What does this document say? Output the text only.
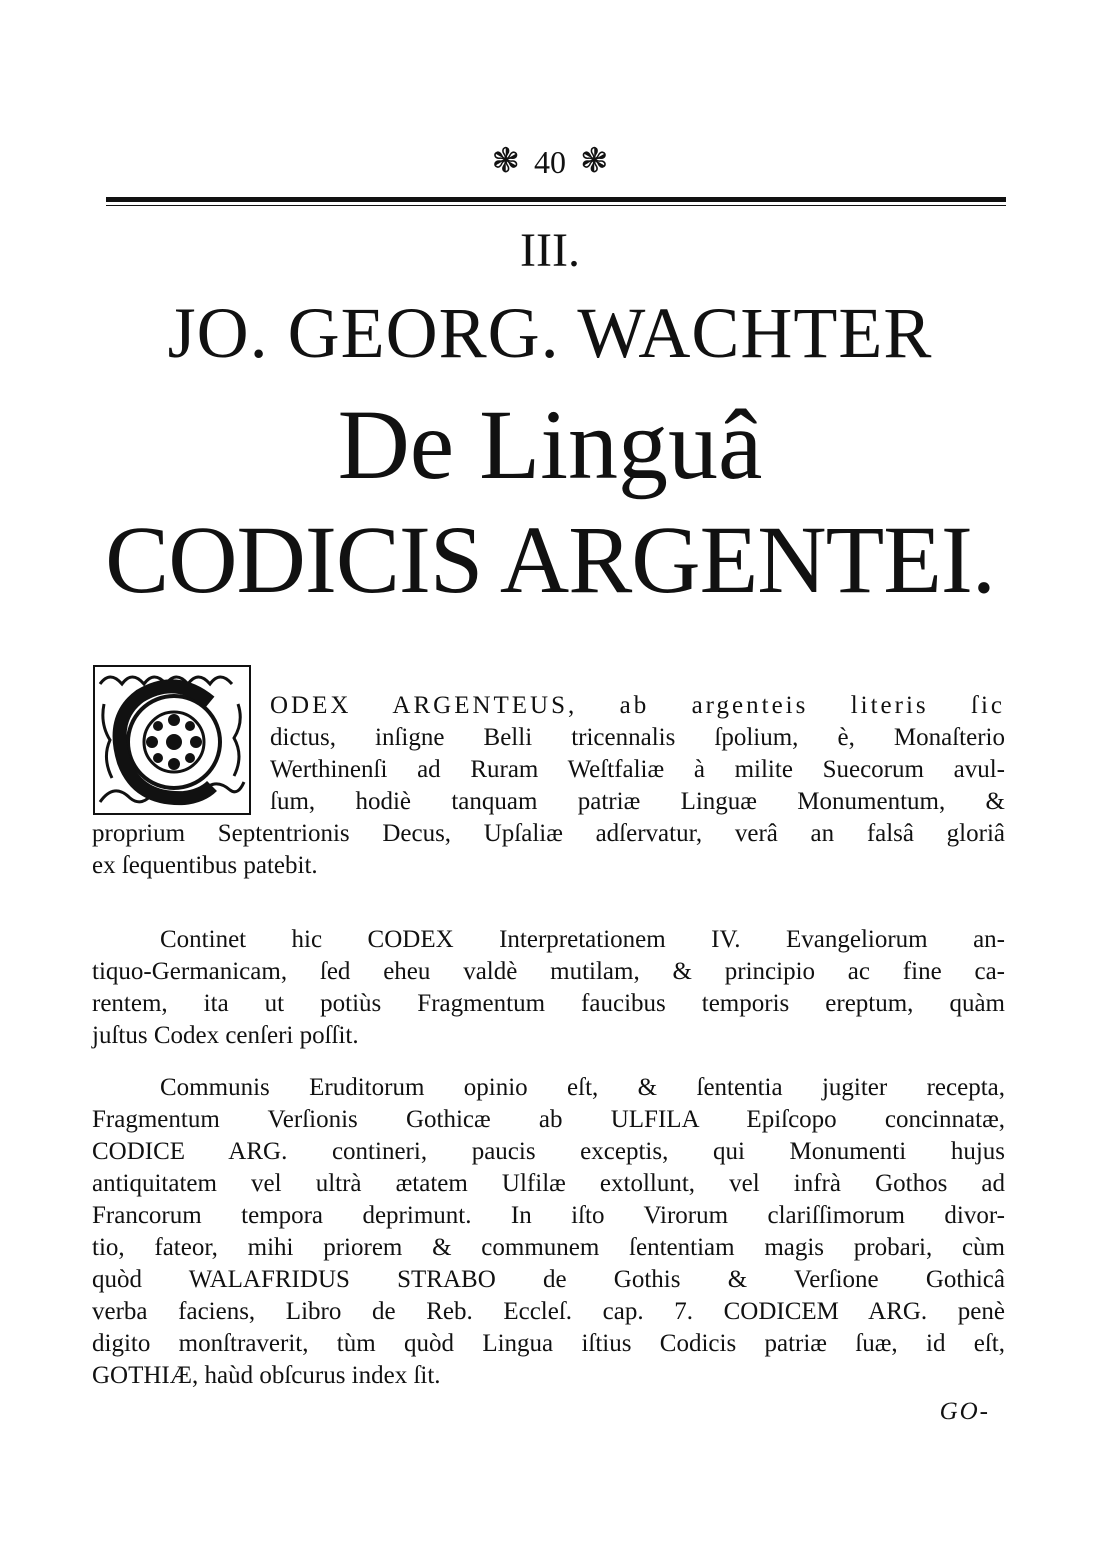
❃ 40 ❃
III.
JO. GEORG. WACHTER
De Linguâ
CODICIS ARGENTEI.
ODEX ARGENTEUS, ab argenteis literis ſic
dictus, inſigne Belli tricennalis ſpolium, è, Monaſterio
Werthinenſi ad Ruram Weſtfaliæ à milite Suecorum avul-
ſum, hodiè tanquam patriæ Linguæ Monumentum, &
proprium Septentrionis Decus, Upſaliæ adſervatur, verâ an falsâ gloriâ
ex ſequentibus patebit.
Continet hic CODEX Interpretationem IV. Evangeliorum an-
tiquo-Germanicam, ſed eheu valdè mutilam, & principio ac fine ca-
rentem, ita ut potiùs Fragmentum faucibus temporis ereptum, quàm
juſtus Codex cenſeri poſſit.
Communis Eruditorum opinio eſt, & ſententia jugiter recepta,
Fragmentum Verſionis Gothicæ ab ULFILA Epiſcopo concinnatæ,
CODICE ARG. contineri, paucis exceptis, qui Monumenti hujus
antiquitatem vel ultrà ætatem Ulfilæ extollunt, vel infrà Gothos ad
Francorum tempora deprimunt. In iſto Virorum clariſſimorum divor-
tio, fateor, mihi priorem & communem ſententiam magis probari, cùm
quòd WALAFRIDUS STRABO de Gothis & Verſione Gothicâ
verba faciens, Libro de Reb. Eccleſ. cap. 7. CODICEM ARG. penè
digito monſtraverit, tùm quòd Lingua iſtius Codicis patriæ ſuæ, id eſt,
GOTHIÆ, haùd obſcurus index ſit.
GO-
